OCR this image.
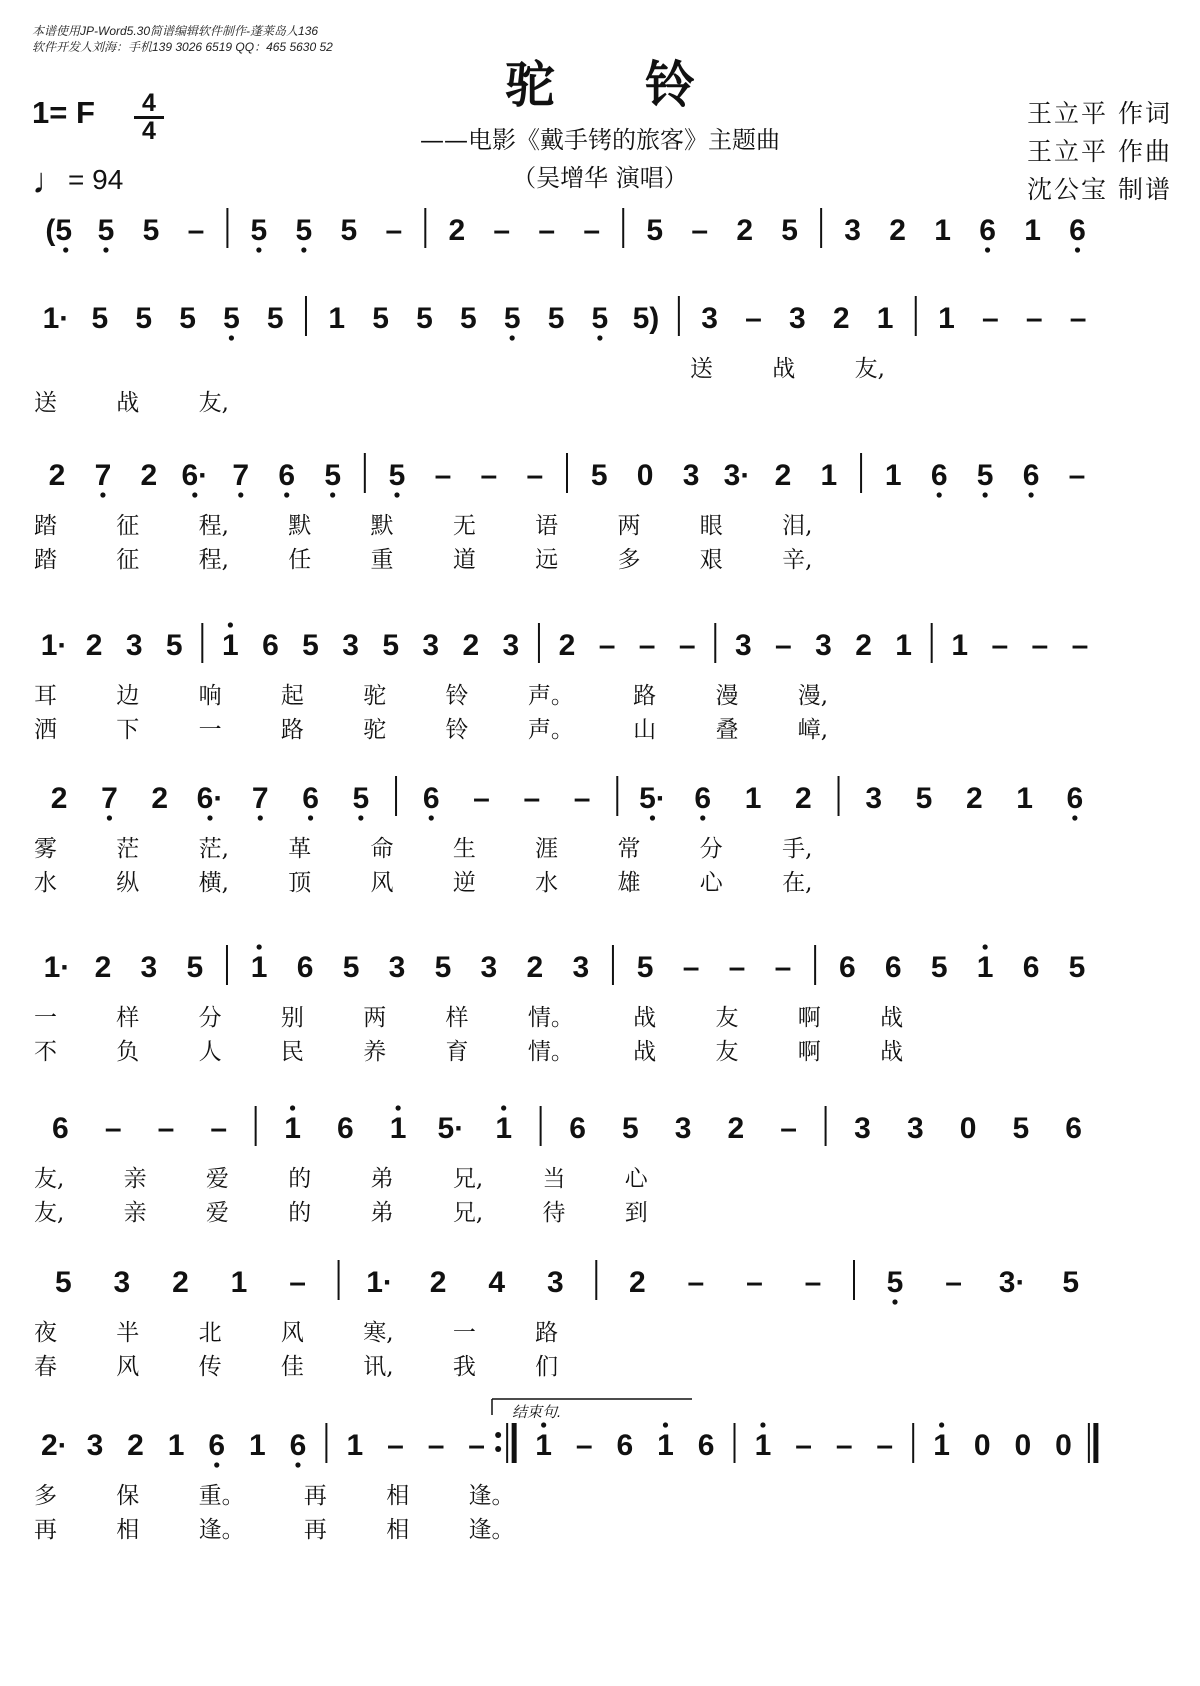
本谱使用JP-Word5.30简谱编辑软件制作-蓬莱岛人136
软件开发人刘海：手机139 3026 6519 QQ：465 5630 52
驼铃
——电影《戴手铐的旅客》主题曲
（吴增华 演唱）
1= F	4
4
♩= 94
王立平 作词
王立平 作曲
沈公宝 制谱
(5 5 5 – 5 5 5 – 2 – – – 5 – 2 5 3 2 1 6 1 6
1· 5 5 5 5 5 1 5 5 5 5 5 5 5) 3 – 3 2 1 1 – – –
2 7 2 6· 7 6 5 5 – – – 5 0 3 3· 2 1 1 6 5 6 –
1· 2 3 5 1 6 5 3 5 3 2 3 2 – – – 3 – 3 2 1 1 – – –
2 7 2 6· 7 6 5 6 – – – 5· 6 1 2 3 5 2 1 6
1· 2 3 5 1 6 5 3 5 3 2 3 5 – – – 6 6 5 1 6 5
6 – – – 1 6 1 5· 1 6 5 3 2 – 3 3 0 5 6
5 3 2 1 – 1· 2 4 3 2 – – – 5 – 3· 5
2· 3 2 1 6 1 6 1 – – – 1 – 6 1 6 1 – – – 1 0 0 0
结束句.
送 战 友,
送 战 友,
踏 征 程, 默 默 无 语 两 眼 泪,
踏 征 程, 任 重 道 远 多 艰 辛,
耳 边 响 起 驼 铃 声。 路 漫 漫,
洒 下 一 路 驼 铃 声。 山 叠 嶂,
雾 茫 茫, 革 命 生 涯 常 分 手,
水 纵 横, 顶 风 逆 水 雄 心 在,
一 样 分 别 两 样 情。 战 友 啊 战
不 负 人 民 养 育 情。 战 友 啊 战
友, 亲 爱 的 弟 兄, 当 心
友, 亲 爱 的 弟 兄, 待 到
夜 半 北 风 寒, 一 路
春 风 传 佳 讯, 我 们
多 保 重。 再 相 逢。
再 相 逢。 再 相 逢。
